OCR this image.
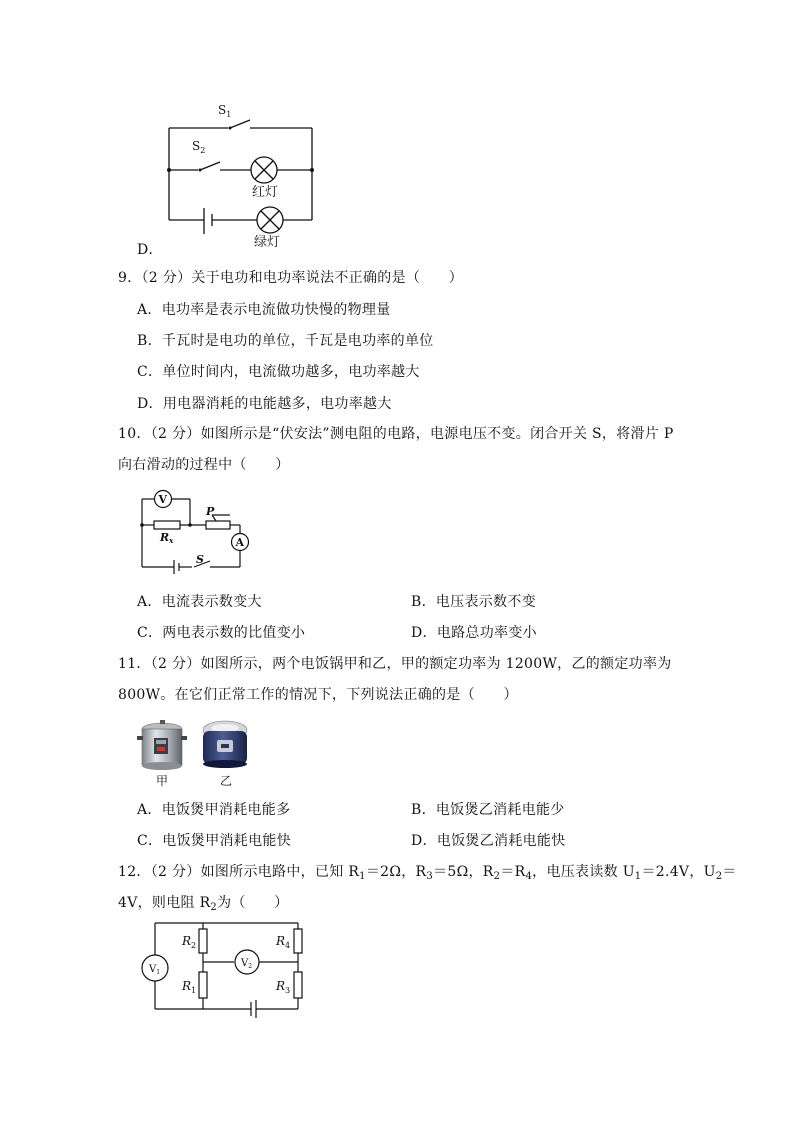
$S_1$
$S_2$
红灯
绿灯
D．
9．（2 分）关于电功和电功率说法不正确的是（　　）
A．电功率是表示电流做功快慢的物理量
B．千瓦时是电功的单位，千瓦是电功率的单位
C．单位时间内，电流做功越多，电功率越大
D．用电器消耗的电能越多，电功率越大
10．（2 分）如图所示是“伏安法”测电阻的电路，电源电压不变。闭合开关 S，将滑片 P
向右滑动的过程中（　　）
V
A
Rx
P
S
A．电流表示数变大	B．电压表示数不变
C．两电表示数的比值变小	D．电路总功率变小
11．（2 分）如图所示，两个电饭锅甲和乙，甲的额定功率为 1200W，乙的额定功率为
800W。在它们正常工作的情况下，下列说法正确的是（　　）
甲	乙
A．电饭煲甲消耗电能多	B．电饭煲乙消耗电能少
C．电饭煲甲消耗电能快	D．电饭煲乙消耗电能快
12．（2 分）如图所示电路中，已知 $R_1=2\Omega$，$R_3=5\Omega$，$R_2=R_4$，电压表读数 $U_1=2.4V$，$U_2=$
4V，则电阻 $R_2$为（　　）
$V_1$
$V_2$
$R_2$
$R_1$
$R_4$
$R_3$
